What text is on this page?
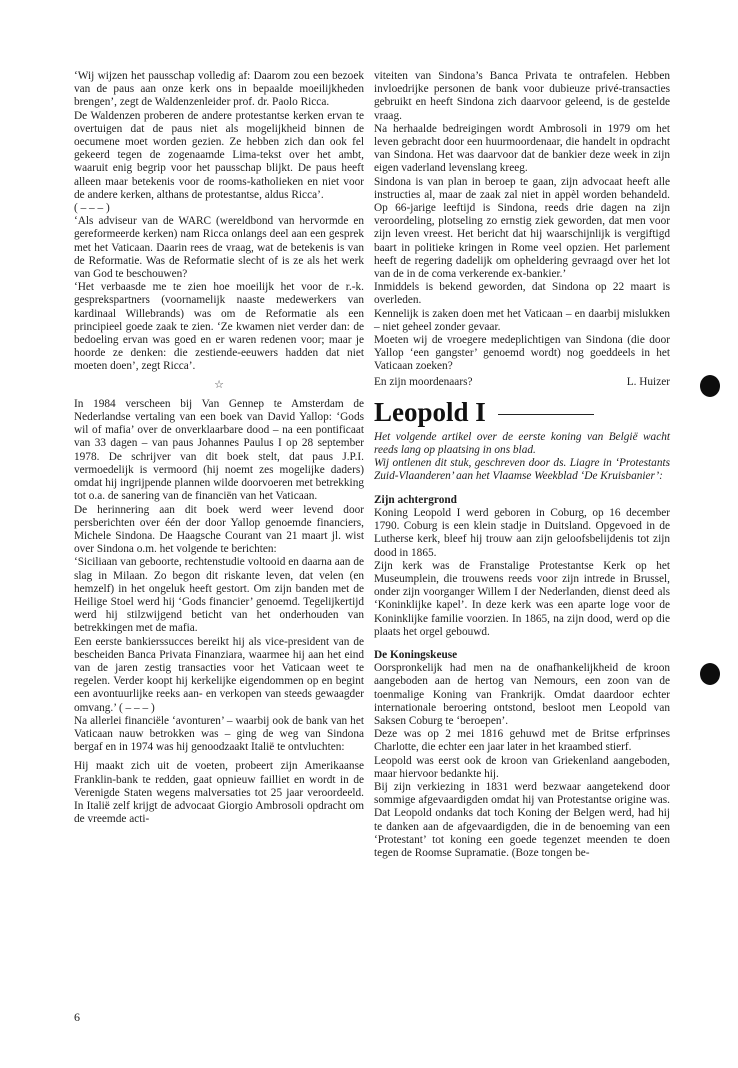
‘Wij wijzen het pausschap volledig af: Daarom zou een bezoek van de paus aan onze kerk ons in bepaalde moeilijkheden brengen’, zegt de Waldenzenleider prof. dr. Paolo Ricca.

De Waldenzen proberen de andere protestantse kerken ervan te overtuigen dat de paus niet als mogelijkheid binnen de oecumene moet worden gezien. Ze hebben zich dan ook fel gekeerd tegen de zogenaamde Lima-tekst over het ambt, waaruit enig begrip voor het pausschap blijkt. De paus heeft alleen maar betekenis voor de rooms-katholieken en niet voor de andere kerken, althans de protestantse, aldus Ricca’.

( – – – )

‘Als adviseur van de WARC (wereldbond van hervormde en gereformeerde kerken) nam Ricca onlangs deel aan een gesprek met het Vaticaan. Daarin rees de vraag, wat de betekenis is van de Reformatie. Was de Reformatie slecht of is ze als het werk van God te beschouwen?

‘Het verbaasde me te zien hoe moeilijk het voor de r.-k. gesprekspartners (voornamelijk naaste medewerkers van kardinaal Willebrands) was om de Reformatie als een principieel goede zaak te zien. ‘Ze kwamen niet verder dan: de bedoeling ervan was goed en er waren redenen voor; maar je hoorde ze denken: die zestiende-eeuwers hadden dat niet moeten doen’, zegt Ricca’.

☆

In 1984 verscheen bij Van Gennep te Amsterdam de Nederlandse vertaling van een boek van David Yallop: ‘Gods wil of mafia’ over de onverklaarbare dood – na een pontificaat van 33 dagen – van paus Johannes Paulus I op 28 september 1978. De schrijver van dit boek stelt, dat paus J.P.I. vermoedelijk is vermoord (hij noemt zes mogelijke daders) omdat hij ingrijpende plannen wilde doorvoeren met betrekking tot o.a. de sanering van de financiën van het Vaticaan.

De herinnering aan dit boek werd weer levend door persberichten over één der door Yallop genoemde financiers, Michele Sindona. De Haagsche Courant van 21 maart jl. wist over Sindona o.m. het volgende te berichten:

‘Siciliaan van geboorte, rechtenstudie voltooid en daarna aan de slag in Milaan. Zo begon dit riskante leven, dat velen (en hemzelf) in het ongeluk heeft gestort. Om zijn banden met de Heilige Stoel werd hij ‘Gods financier’ genoemd. Tegelijkertijd werd hij stilzwijgend beticht van het onderhouden van betrekkingen met de mafia.

Een eerste bankierssucces bereikt hij als vice-president van de bescheiden Banca Privata Finanziara, waarmee hij aan het eind van de jaren zestig transacties voor het Vaticaan weet te regelen. Verder koopt hij kerkelijke eigendommen op en begint een avontuurlijke reeks aan- en verkopen van steeds gewaagder omvang.’ ( – – – )

Na allerlei financiële ‘avonturen’ – waarbij ook de bank van het Vaticaan nauw betrokken was – ging de weg van Sindona bergaf en in 1974 was hij genoodzaakt Italië te ontvluchten:

Hij maakt zich uit de voeten, probeert zijn Amerikaanse Franklin-bank te redden, gaat opnieuw failliet en wordt in de Verenigde Staten wegens malversaties tot 25 jaar veroordeeld. In Italië zelf krijgt de advocaat Giorgio Ambrosoli opdracht om de vreemde acti-

6

viteiten van Sindona’s Banca Privata te ontrafelen. Hebben invloedrijke personen de bank voor dubieuze privé-transacties gebruikt en heeft Sindona zich daarvoor geleend, is de gestelde vraag.

Na herhaalde bedreigingen wordt Ambrosoli in 1979 om het leven gebracht door een huurmoordenaar, die handelt in opdracht van Sindona. Het was daarvoor dat de bankier deze week in zijn eigen vaderland levenslang kreeg.

Sindona is van plan in beroep te gaan, zijn advocaat heeft alle instructies al, maar de zaak zal niet in appèl worden behandeld. Op 66-jarige leeftijd is Sindona, reeds drie dagen na zijn veroordeling, plotseling zo ernstig ziek geworden, dat men voor zijn leven vreest. Het bericht dat hij waarschijnlijk is vergiftigd baart in politieke kringen in Rome veel opzien. Het parlement heeft de regering dadelijk om opheldering gevraagd over het lot van de in de coma verkerende ex-bankier.’

Inmiddels is bekend geworden, dat Sindona op 22 maart is overleden.

Kennelijk is zaken doen met het Vaticaan – en daarbij mislukken – niet geheel zonder gevaar.

Moeten wij de vroegere medeplichtigen van Sindona (die door Yallop ‘een gangster’ genoemd wordt) nog goeddeels in het Vaticaan zoeken?

En zijn moordenaars?	L. Huizer
Leopold I

Het volgende artikel over de eerste koning van België wacht reeds lang op plaatsing in ons blad.

Wij ontlenen dit stuk, geschreven door ds. Liagre in ‘Protestants Zuid-Vlaanderen’ aan het Vlaamse Weekblad ‘De Kruisbanier’:

Zijn achtergrond

Koning Leopold I werd geboren in Coburg, op 16 december 1790. Coburg is een klein stadje in Duitsland. Opgevoed in de Lutherse kerk, bleef hij trouw aan zijn geloofsbelijdenis tot zijn dood in 1865.

Zijn kerk was de Franstalige Protestantse Kerk op het Museumplein, die trouwens reeds voor zijn intrede in Brussel, onder zijn voorganger Willem I der Nederlanden, dienst deed als ‘Koninklijke kapel’. In deze kerk was een aparte loge voor de Koninklijke familie voorzien. In 1865, na zijn dood, werd op die plaats het orgel gebouwd.

De Koningskeuse

Oorspronkelijk had men na de onafhankelijkheid de kroon aangeboden aan de hertog van Nemours, een zoon van de toenmalige Koning van Frankrijk. Omdat daardoor echter internationale beroering ontstond, besloot men Leopold van Saksen Coburg te ‘beroepen’.

Deze was op 2 mei 1816 gehuwd met de Britse erfprinses Charlotte, die echter een jaar later in het kraambed stierf.

Leopold was eerst ook de kroon van Griekenland aangeboden, maar hiervoor bedankte hij.

Bij zijn verkiezing in 1831 werd bezwaar aangetekend door sommige afgevaardigden omdat hij van Protestantse origine was. Dat Leopold ondanks dat toch Koning der Belgen werd, had hij te danken aan de afgevaardigden, die in de benoeming van een ‘Protestant’ tot koning een goede tegenzet meenden te doen tegen de Roomse Supramatie. (Boze tongen be-
